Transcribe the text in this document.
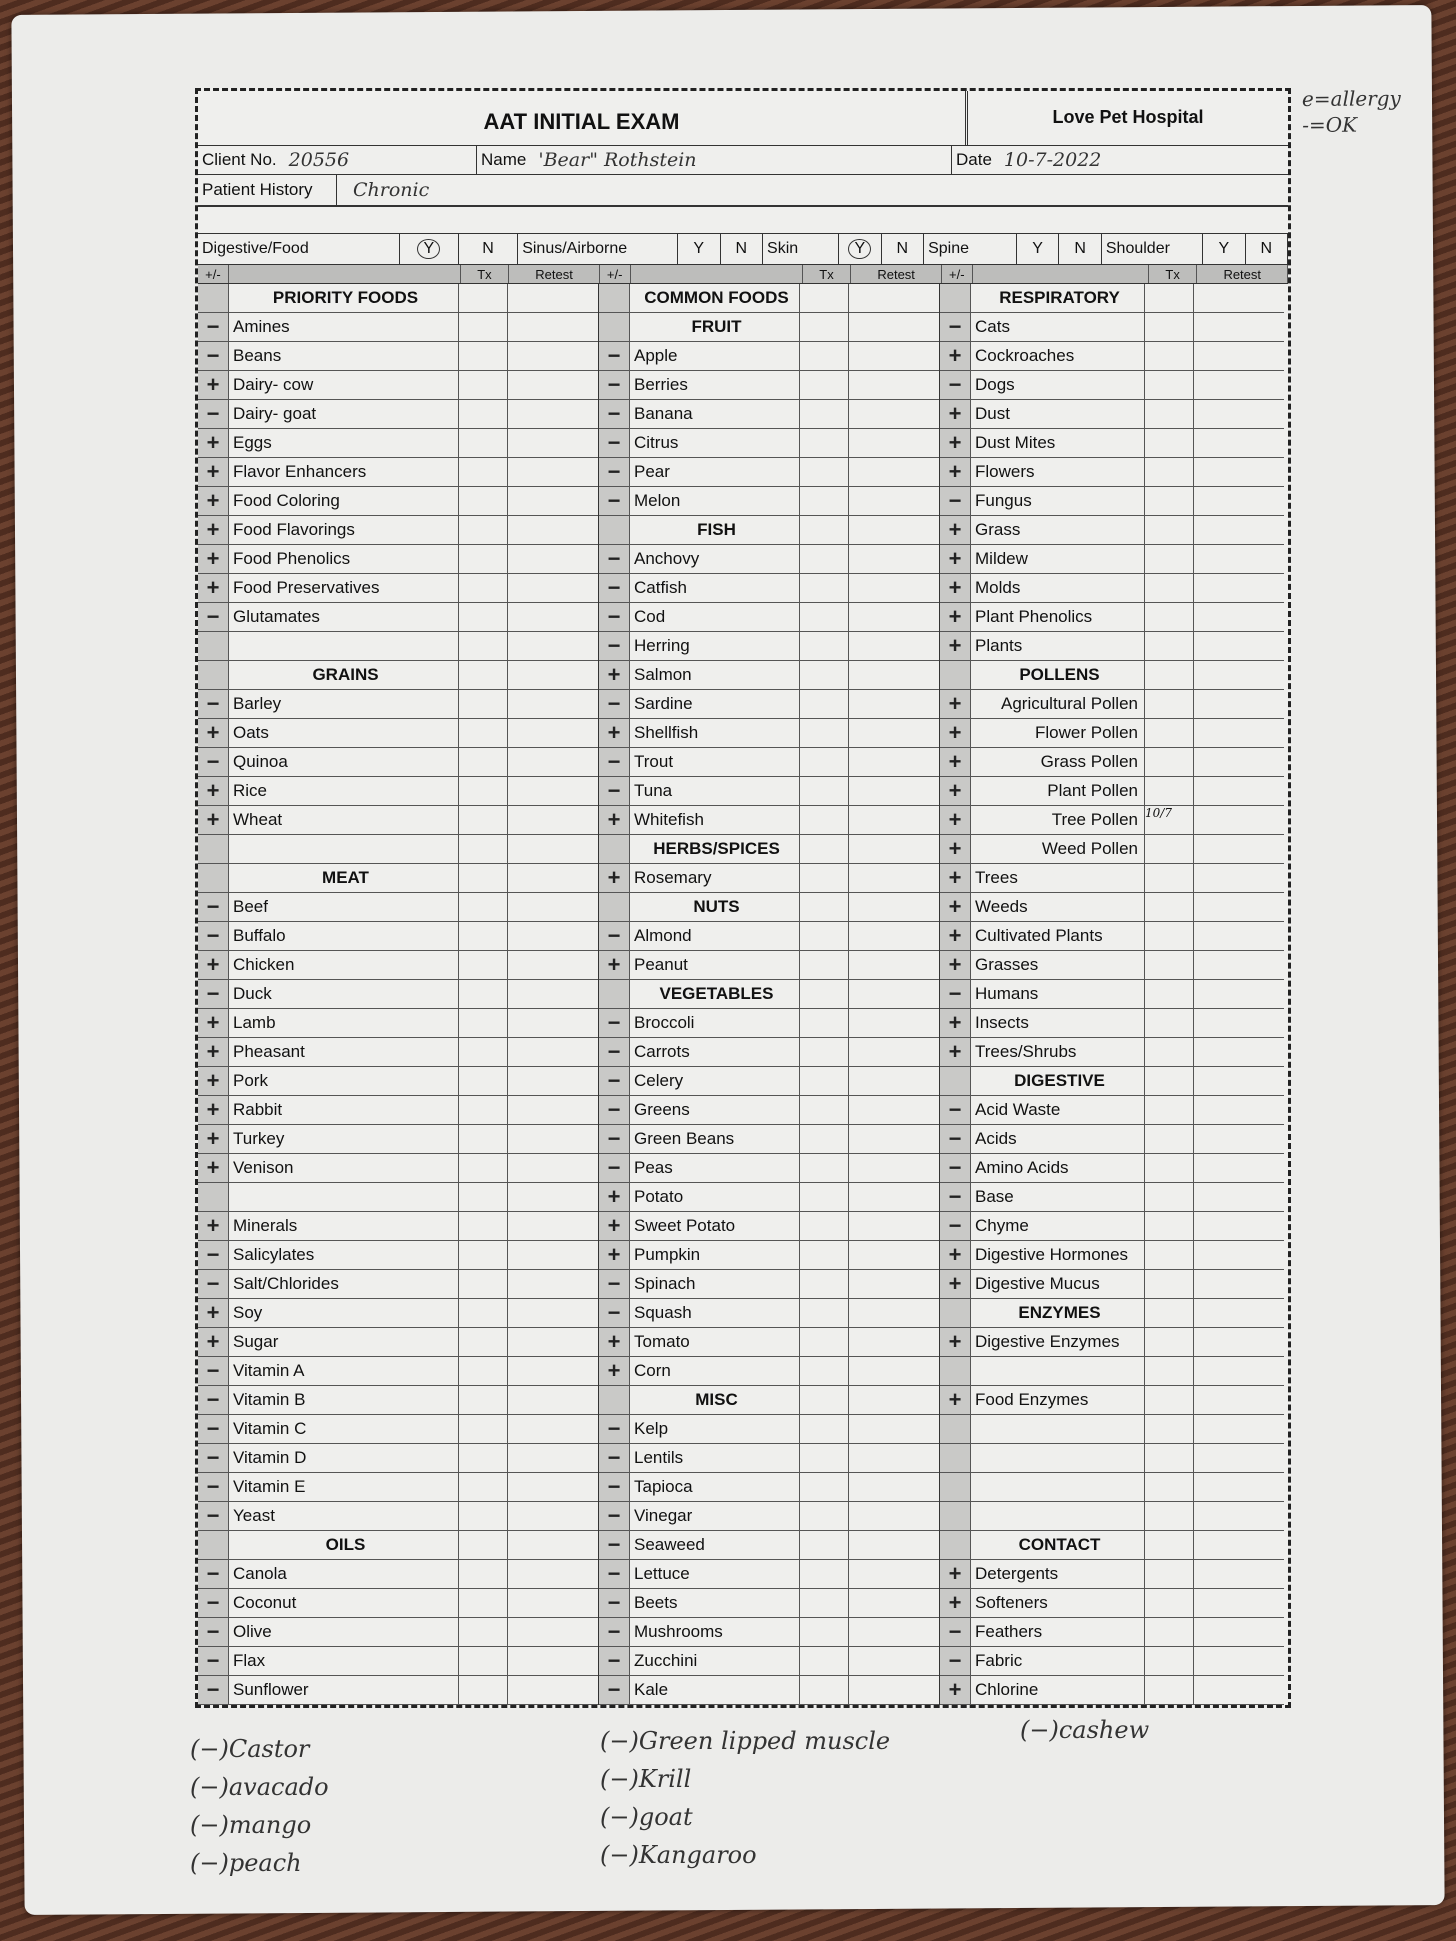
e=allergy
-=OK
AAT INITIAL EXAM	Love Pet Hospital
Client No. 20556	Name 'Bear" Rothstein	Date 10-7-2022
Patient History	Chronic
Digestive/Food	Y	N Sinus/Airborne	Y N Skin	Y	N Spine	Y N Shoulder	Y N
+/-	Tx	Retest	+/-	Tx	Retest	+/-	Tx	Retest
PRIORITY FOODS
− Amines
− Beans
+ Dairy- cow
− Dairy- goat
+ Eggs
+ Flavor Enhancers
+ Food Coloring
+ Food Flavorings
+ Food Phenolics
+ Food Preservatives
− Glutamates
GRAINS
− Barley
+ Oats
− Quinoa
+ Rice
+ Wheat
MEAT
− Beef
− Buffalo
+ Chicken
− Duck
+ Lamb
+ Pheasant
+ Pork
+ Rabbit
+ Turkey
+ Venison
+ Minerals
− Salicylates
− Salt/Chlorides
+ Soy
+ Sugar
− Vitamin A
− Vitamin B
− Vitamin C
− Vitamin D
− Vitamin E
− Yeast
OILS
− Canola
− Coconut
− Olive
− Flax
− Sunflower
COMMON FOODS
FRUIT
− Apple
− Berries
− Banana
− Citrus
− Pear
− Melon
FISH
− Anchovy
− Catfish
− Cod
− Herring
+ Salmon
− Sardine
+ Shellfish
− Trout
− Tuna
+ Whitefish
HERBS/SPICES
+ Rosemary
NUTS
− Almond
+ Peanut
VEGETABLES
− Broccoli
− Carrots
− Celery
− Greens
− Green Beans
− Peas
+ Potato
+ Sweet Potato
+ Pumpkin
− Spinach
− Squash
+ Tomato
+ Corn
MISC
− Kelp
− Lentils
− Tapioca
− Vinegar
− Seaweed
− Lettuce
− Beets
− Mushrooms
− Zucchini
− Kale
RESPIRATORY
− Cats
+ Cockroaches
− Dogs
+ Dust
+ Dust Mites
+ Flowers
− Fungus
+ Grass
+ Mildew
+ Molds
+ Plant Phenolics
+ Plants
POLLENS
+	Agricultural Pollen
+	Flower Pollen
+	Grass Pollen
+	Plant Pollen
+	Tree Pollen 10/7
+	Weed Pollen
+ Trees
+ Weeds
+ Cultivated Plants
+ Grasses
− Humans
+ Insects
+ Trees/Shrubs
DIGESTIVE
− Acid Waste
− Acids
− Amino Acids
− Base
− Chyme
+ Digestive Hormones
+ Digestive Mucus
ENZYMES
+ Digestive Enzymes
+ Food Enzymes
CONTACT
+ Detergents
+ Softeners
− Feathers
− Fabric
+ Chlorine
(−)Castor
(−)avacado
(−)mango
(−)peach
(−)Green lipped muscle
(−)Krill
(−)goat
(−)Kangaroo
(−)cashew
